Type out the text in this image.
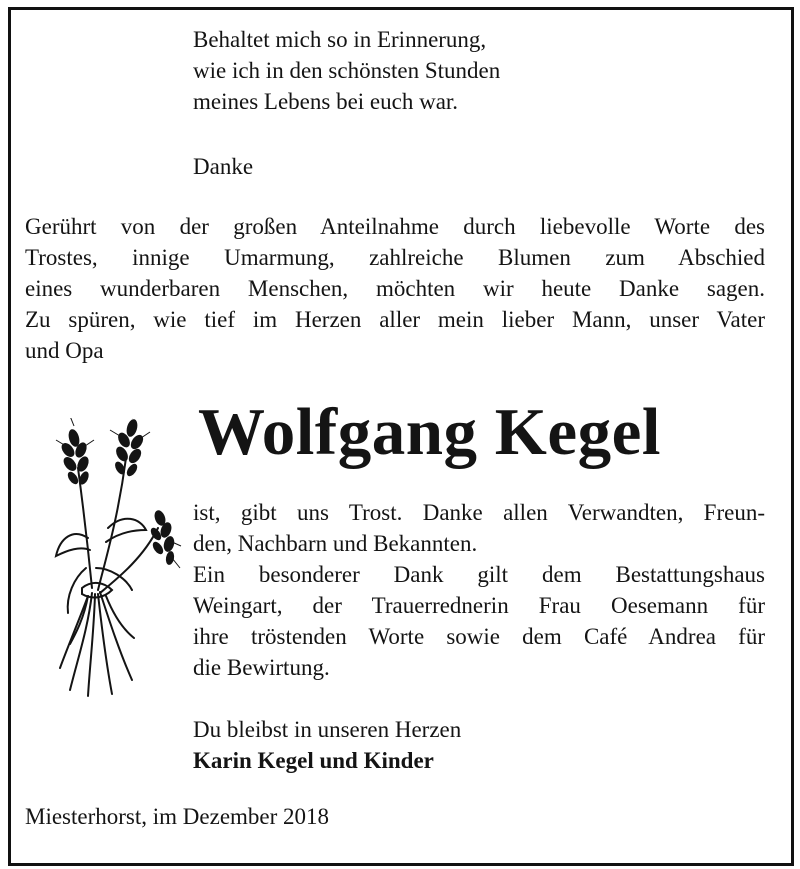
Behaltet mich so in Erinnerung,
wie ich in den schönsten Stunden
meines Lebens bei euch war.
Danke
Gerührt von der großen Anteilnahme durch liebevolle Worte des
Trostes, innige Umarmung, zahlreiche Blumen zum Abschied
eines wunderbaren Menschen, möchten wir heute Danke sagen.
Zu spüren, wie tief im Herzen aller mein lieber Mann, unser Vater
und Opa
Wolfgang Kegel
ist, gibt uns Trost. Danke allen Verwandten, Freun-
den, Nachbarn und Bekannten.
Ein besonderer Dank gilt dem Bestattungshaus
Weingart, der Trauerrednerin Frau Oesemann für
ihre tröstenden Worte sowie dem Café Andrea für
die Bewirtung.
Du bleibst in unseren Herzen
Karin Kegel und Kinder
Miesterhorst, im Dezember 2018
